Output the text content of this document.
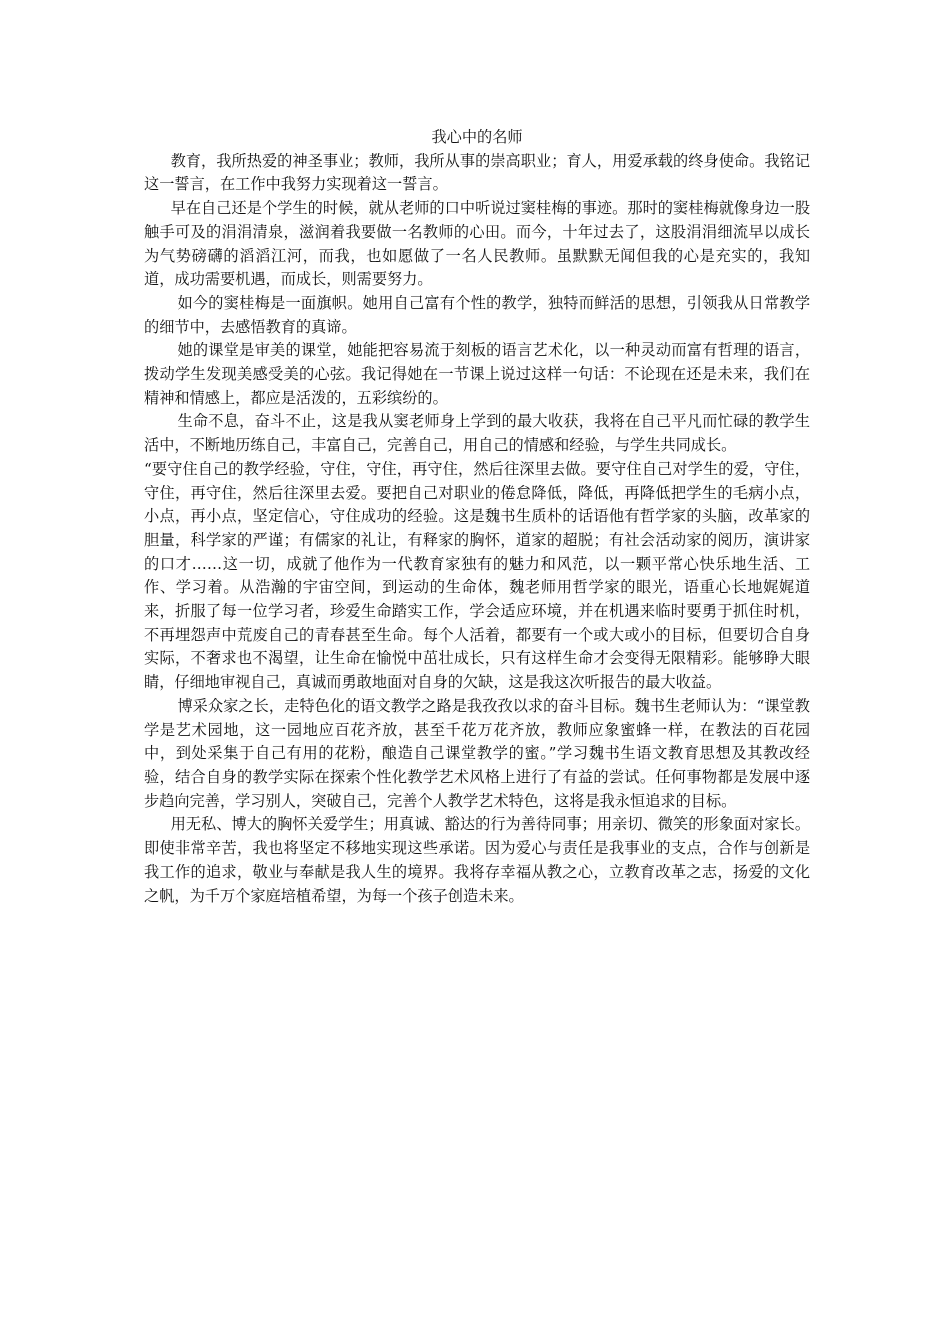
我心中的名师

教育，我所热爱的神圣事业；教师，我所从事的崇高职业；育人，用爱承载的终身使命。我铭记这一誓言，在工作中我努力实现着这一誓言。

早在自己还是个学生的时候，就从老师的口中听说过窦桂梅的事迹。那时的窦桂梅就像身边一股触手可及的涓涓清泉，滋润着我要做一名教师的心田。而今，十年过去了，这股涓涓细流早以成长为气势磅礴的滔滔江河，而我，也如愿做了一名人民教师。虽默默无闻但我的心是充实的，我知道，成功需要机遇，而成长，则需要努力。

如今的窦桂梅是一面旗帜。她用自己富有个性的教学，独特而鲜活的思想，引领我从日常教学的细节中，去感悟教育的真谛。

她的课堂是审美的课堂，她能把容易流于刻板的语言艺术化，以一种灵动而富有哲理的语言，拨动学生发现美感受美的心弦。我记得她在一节课上说过这样一句话：不论现在还是未来，我们在精神和情感上，都应是活泼的，五彩缤纷的。

生命不息，奋斗不止，这是我从窦老师身上学到的最大收获，我将在自己平凡而忙碌的教学生活中，不断地历练自己，丰富自己，完善自己，用自己的情感和经验，与学生共同成长。

“要守住自己的教学经验，守住，守住，再守住，然后往深里去做。要守住自己对学生的爱，守住，守住，再守住，然后往深里去爱。要把自己对职业的倦怠降低，降低，再降低把学生的毛病小点，小点，再小点，坚定信心，守住成功的经验。这是魏书生质朴的话语他有哲学家的头脑，改革家的胆量，科学家的严谨；有儒家的礼让，有释家的胸怀，道家的超脱；有社会活动家的阅历，演讲家的口才……这一切，成就了他作为一代教育家独有的魅力和风范，以一颗平常心快乐地生活、工作、学习着。从浩瀚的宇宙空间，到运动的生命体，魏老师用哲学家的眼光，语重心长地娓娓道来，折服了每一位学习者，珍爱生命踏实工作，学会适应环境，并在机遇来临时要勇于抓住时机，不再埋怨声中荒废自己的青春甚至生命。每个人活着，都要有一个或大或小的目标，但要切合自身实际，不奢求也不渴望，让生命在愉悦中茁壮成长，只有这样生命才会变得无限精彩。能够睁大眼睛，仔细地审视自己，真诚而勇敢地面对自身的欠缺，这是我这次听报告的最大收益。

博采众家之长，走特色化的语文教学之路是我孜孜以求的奋斗目标。魏书生老师认为：“课堂教学是艺术园地，这一园地应百花齐放，甚至千花万花齐放，教师应象蜜蜂一样，在教法的百花园中，到处采集于自己有用的花粉，酿造自己课堂教学的蜜。”学习魏书生语文教育思想及其教改经验，结合自身的教学实际在探索个性化教学艺术风格上进行了有益的尝试。任何事物都是发展中逐步趋向完善，学习别人，突破自己，完善个人教学艺术特色，这将是我永恒追求的目标。

用无私、博大的胸怀关爱学生；用真诚、豁达的行为善待同事；用亲切、微笑的形象面对家长。即使非常辛苦，我也将坚定不移地实现这些承诺。因为爱心与责任是我事业的支点，合作与创新是我工作的追求，敬业与奉献是我人生的境界。我将存幸福从教之心，立教育改革之志，扬爱的文化之帆，为千万个家庭培植希望，为每一个孩子创造未来。
